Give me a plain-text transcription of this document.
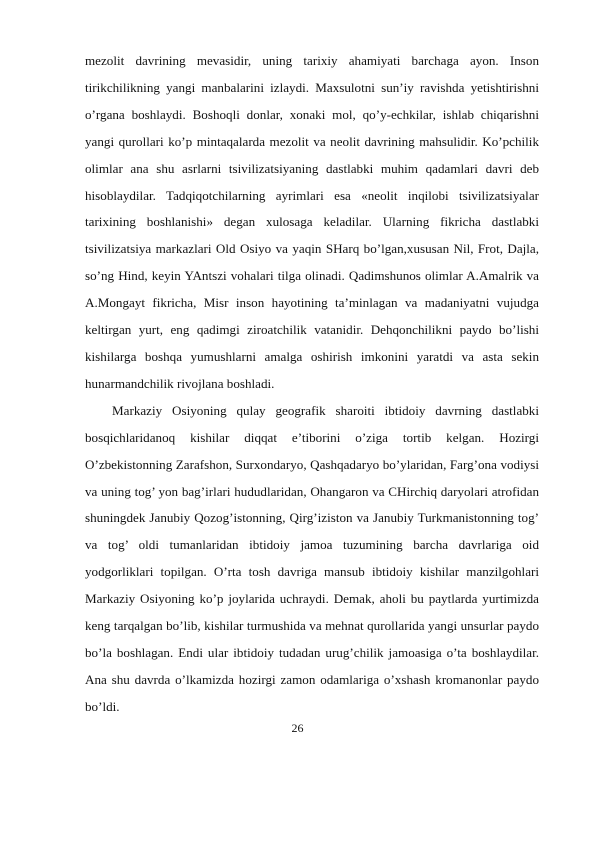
mezolit davrining mevasidir, uning tarixiy ahamiyati barchaga ayon. Inson tirikchilikning yangi manbalarini izlaydi. Maxsulotni sun’iy ravishda yetishtirishni o’rgana boshlaydi. Boshoqli donlar, xonaki mol, qo’y-echkilar, ishlab chiqarishni yangi qurollari ko’p mintaqalarda mezolit va neolit davrining mahsulidir. Ko’pchilik olimlar ana shu asrlarni tsivilizatsiyaning dastlabki muhim qadamlari davri deb hisoblaydilar. Tadqiqotchilarning ayrimlari esa «neolit inqilobi tsivilizatsiyalar tarixining boshlanishi» degan xulosaga keladilar. Ularning fikricha dastlabki tsivilizatsiya markazlari Old Osiyo va yaqin SHarq bo’lgan,xususan Nil, Frot, Dajla, so’ng Hind, keyin YAntszi vohalari tilga olinadi. Qadimshunos olimlar A.Amalrik va A.Mongayt fikricha, Misr inson hayotining ta’minlagan va madaniyatni vujudga keltirgan yurt, eng qadimgi ziroatchilik vatanidir. Dehqonchilikni paydo bo’lishi kishilarga boshqa yumushlarni amalga oshirish imkonini yaratdi va asta sekin hunarmandchilik rivojlana boshladi.

Markaziy Osiyoning qulay geografik sharoiti ibtidoiy davrning dastlabki bosqichlaridanoq kishilar diqqat e’tiborini o’ziga tortib kelgan. Hozirgi O’zbekistonning Zarafshon, Surxondaryo, Qashqadaryo bo’ylaridan, Farg’ona vodiysi va uning tog’ yon bag’irlari hududlaridan, Ohangaron va CHirchiq daryolari atrofidan shuningdek Janubiy Qozog’istonning, Qirg’iziston va Janubiy Turkmanistonning tog’ va tog’ oldi tumanlaridan ibtidoiy jamoa tuzumining barcha davrlariga oid yodgorliklari topilgan. O’rta tosh davriga mansub ibtidoiy kishilar manzilgohlari Markaziy Osiyoning ko’p joylarida uchraydi. Demak, aholi bu paytlarda yurtimizda keng tarqalgan bo’lib, kishilar turmushida va mehnat qurollarida yangi unsurlar paydo bo’la boshlagan. Endi ular ibtidoiy tudadan urug’chilik jamoasiga o’ta boshlaydilar. Ana shu davrda o’lkamizda hozirgi zamon odamlariga o’xshash kromanonlar paydo bo’ldi.

26
